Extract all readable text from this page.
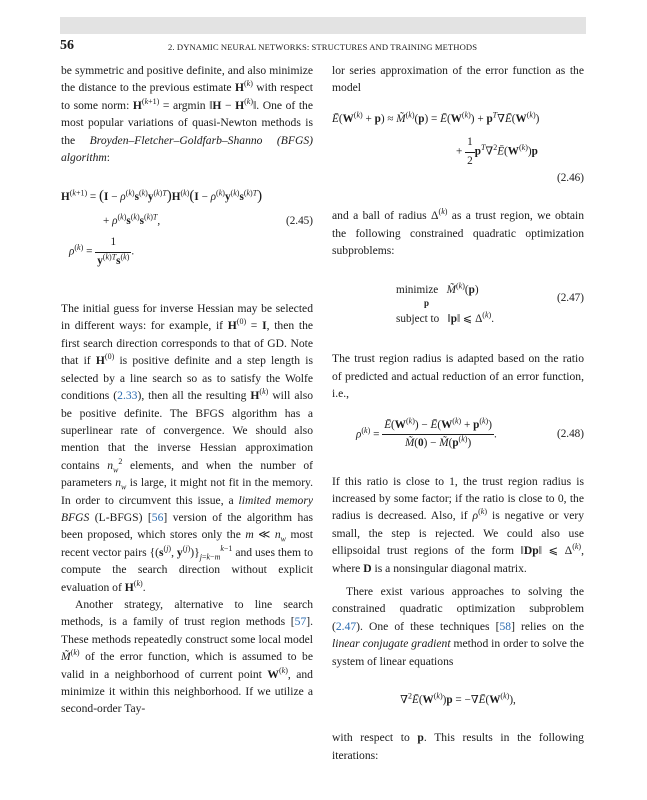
56	2. DYNAMIC NEURAL NETWORKS: STRUCTURES AND TRAINING METHODS

be symmetric and positive definite, and also minimize the distance to the previous estimate $H^{(k)}$ with respect to some norm: $H^{(k+1)} = argmin$ ‖H − $H^{(k)}‖$. One of the most popular variations of quasi-Newton methods is the Broyden–Fletcher–Goldfarb–Shanno (BFGS) algorithm:

$H^{(k+1)} = (I - \rho^{(k)}s^{(k)}y^{(k)T})H^{(k)}(I - \rho^{(k)}y^{(k)}s^{(k)T})$
+ $\rho^{(k)}s^{(k)}s^{(k)T}$,	(2.45)
$\rho^{(k)} = \frac{1}{y^{(k)T}s^{(k)}}$ .

The initial guess for inverse Hessian may be selected in different ways: for example, if $H^{(0)} = I$, then the first search direction corresponds to that of GD. Note that if $H^{(0)}$ is positive definite and a step length is selected by a line search so as to satisfy the Wolfe conditions (2.33), then all the resulting $H^{(k)}$ will also be positive definite. The BFGS algorithm has a superlinear rate of convergence. We should also mention that the inverse Hessian approximation contains $n_w^2$ elements, and when the number of parameters $n_w$ is large, it might not fit in the memory. In order to circumvent this issue, a limited memory BFGS (L-BFGS) [56] version of the algorithm has been proposed, which stores only the m ≪ $n_w$ most recent vector pairs {($s^{(j)}$, $y^{(j)})\}_{j=k-m}^{k-1}$ and uses them to compute the search direction without explicit evaluation of $H^{(k)}$.

Another strategy, alternative to line search methods, is a family of trust region methods [57]. These methods repeatedly construct some local model M̃$^{(k)}$ of the error function, which is assumed to be valid in a neighborhood of current point $W^{(k)}$, and minimize it within this neighborhood. If we utilize a second-order Tay-

lor series approximation of the error function as the model

$Ē(W^{(k)} + p)$ ≈ M̃$^{(k)}$(p) = $Ē(W^{(k)})$ + $p^T\nabla Ē(W^{(k)})$
+ $\frac{1}{2}$ $p^T\nabla^2Ē(W^{(k)})p$
(2.46)

and a ball of radius $\Delta^{(k)}$ as a trust region, we obtain the following constrained quadratic optimization subproblems:

minimize M̃$^{(k)}$(p)
(2.47)
p
subject to   ‖p‖ ⩽ $\Delta^{(k)}$.

The trust region radius is adapted based on the ratio of predicted and actual reduction of an error function, i.e.,

$\rho^{(k)} = \frac{Ē(W^{(k)}) - Ē(W^{(k)} + p^{(k)})}{M̃(0) - M̃(p^{(k)})}$ .	(2.48)

If this ratio is close to 1, the trust region radius is increased by some factor; if the ratio is close to 0, the radius is decreased. Also, if $\rho^{(k)}$ is negative or very small, the step is rejected. We could also use ellipsoidal trust regions of the form ‖Dp‖ ⩽ $\Delta^{(k)}$, where D is a nonsingular diagonal matrix.

There exist various approaches to solving the constrained quadratic optimization subproblem (2.47). One of these techniques [58] relies on the linear conjugate gradient method in order to solve the system of linear equations

$\nabla^2Ē(W^{(k)})p$ = $-\nabla Ē(W^{(k)})$,

with respect to p. This results in the following iterations:
